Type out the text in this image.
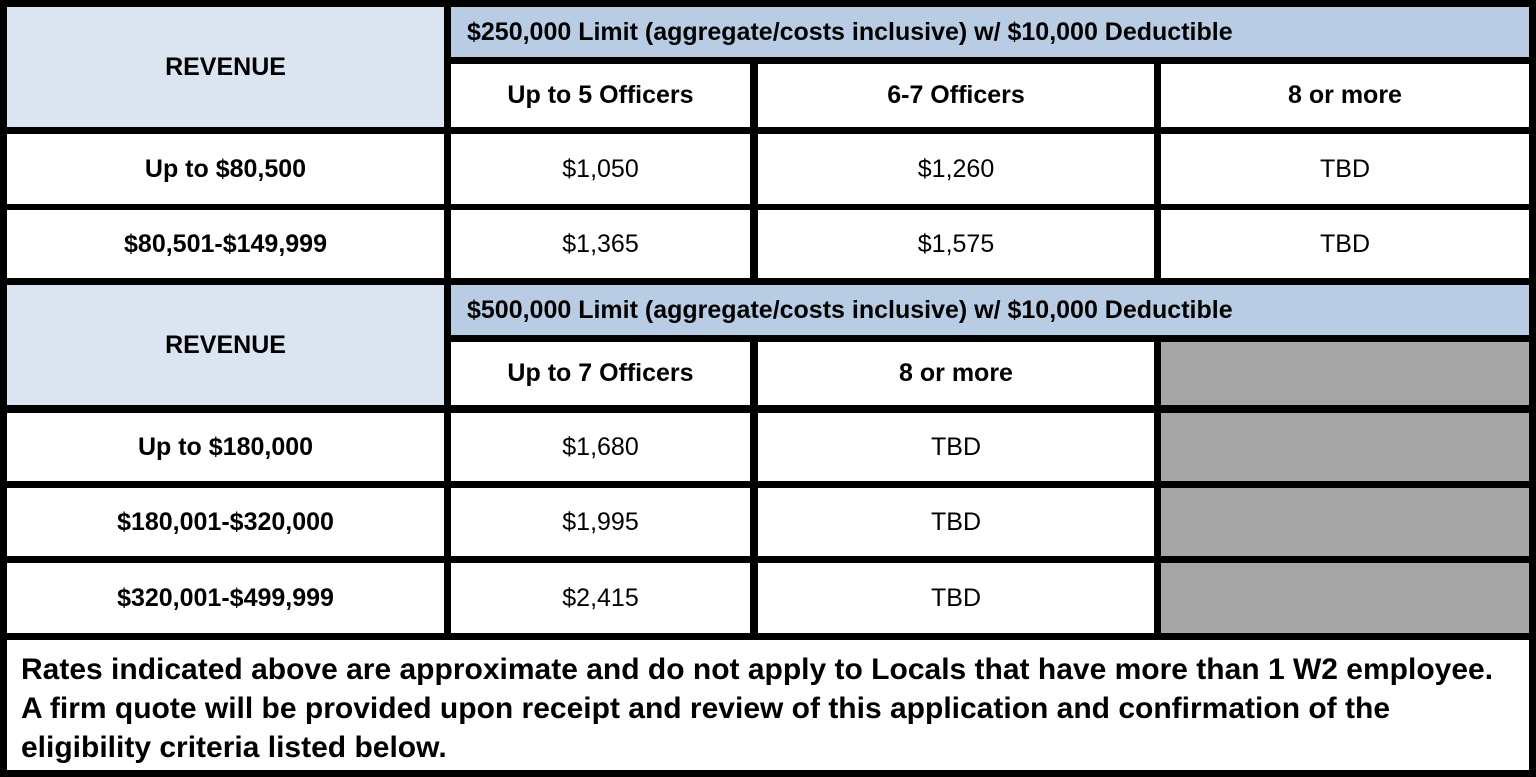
REVENUE
$250,000 Limit (aggregate/costs inclusive) w/ $10,000 Deductible
Up to 5 Officers	6-7 Officers	8 or more
Up to $80,500	$1,050	$1,260	TBD
$80,501-$149,999	$1,365	$1,575	TBD
REVENUE
$500,000 Limit (aggregate/costs inclusive) w/ $10,000 Deductible
Up to 7 Officers	8 or more
Up to $180,000	$1,680	TBD
$180,001-$320,000	$1,995	TBD
$320,001-$499,999	$2,415	TBD
Rates indicated above are approximate and do not apply to Locals that have more than 1 W2 employee. A firm quote will be provided upon receipt and review of this application and confirmation of the eligibility criteria listed below.
